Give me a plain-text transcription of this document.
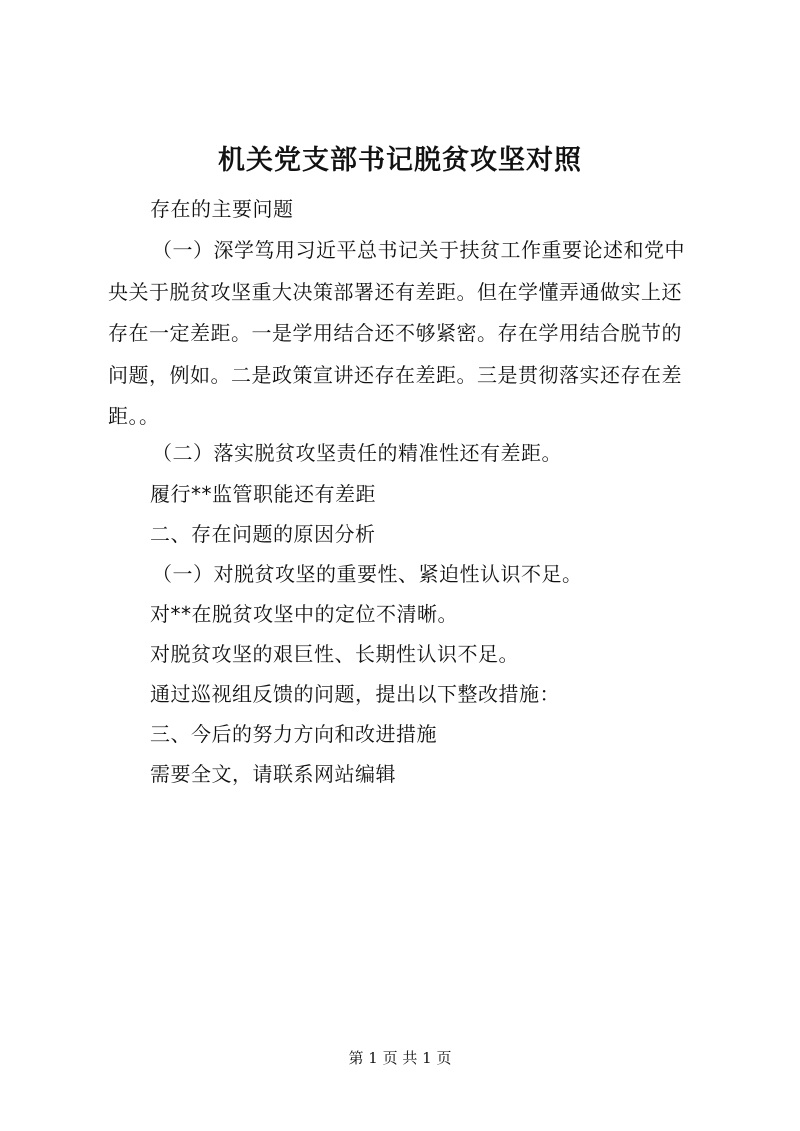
机关党支部书记脱贫攻坚对照
存在的主要问题
（一）深学笃用习近平总书记关于扶贫工作重要论述和党中央关于脱贫攻坚重大决策部署还有差距。但在学懂弄通做实上还存在一定差距。一是学用结合还不够紧密。存在学用结合脱节的问题，例如。二是政策宣讲还存在差距。三是贯彻落实还存在差距。。
（二）落实脱贫攻坚责任的精准性还有差距。
履行**监管职能还有差距
二、存在问题的原因分析
（一）对脱贫攻坚的重要性、紧迫性认识不足。
对**在脱贫攻坚中的定位不清晰。
对脱贫攻坚的艰巨性、长期性认识不足。
通过巡视组反馈的问题，提出以下整改措施：
三、今后的努力方向和改进措施
需要全文，请联系网站编辑
第 1 页 共 1 页
